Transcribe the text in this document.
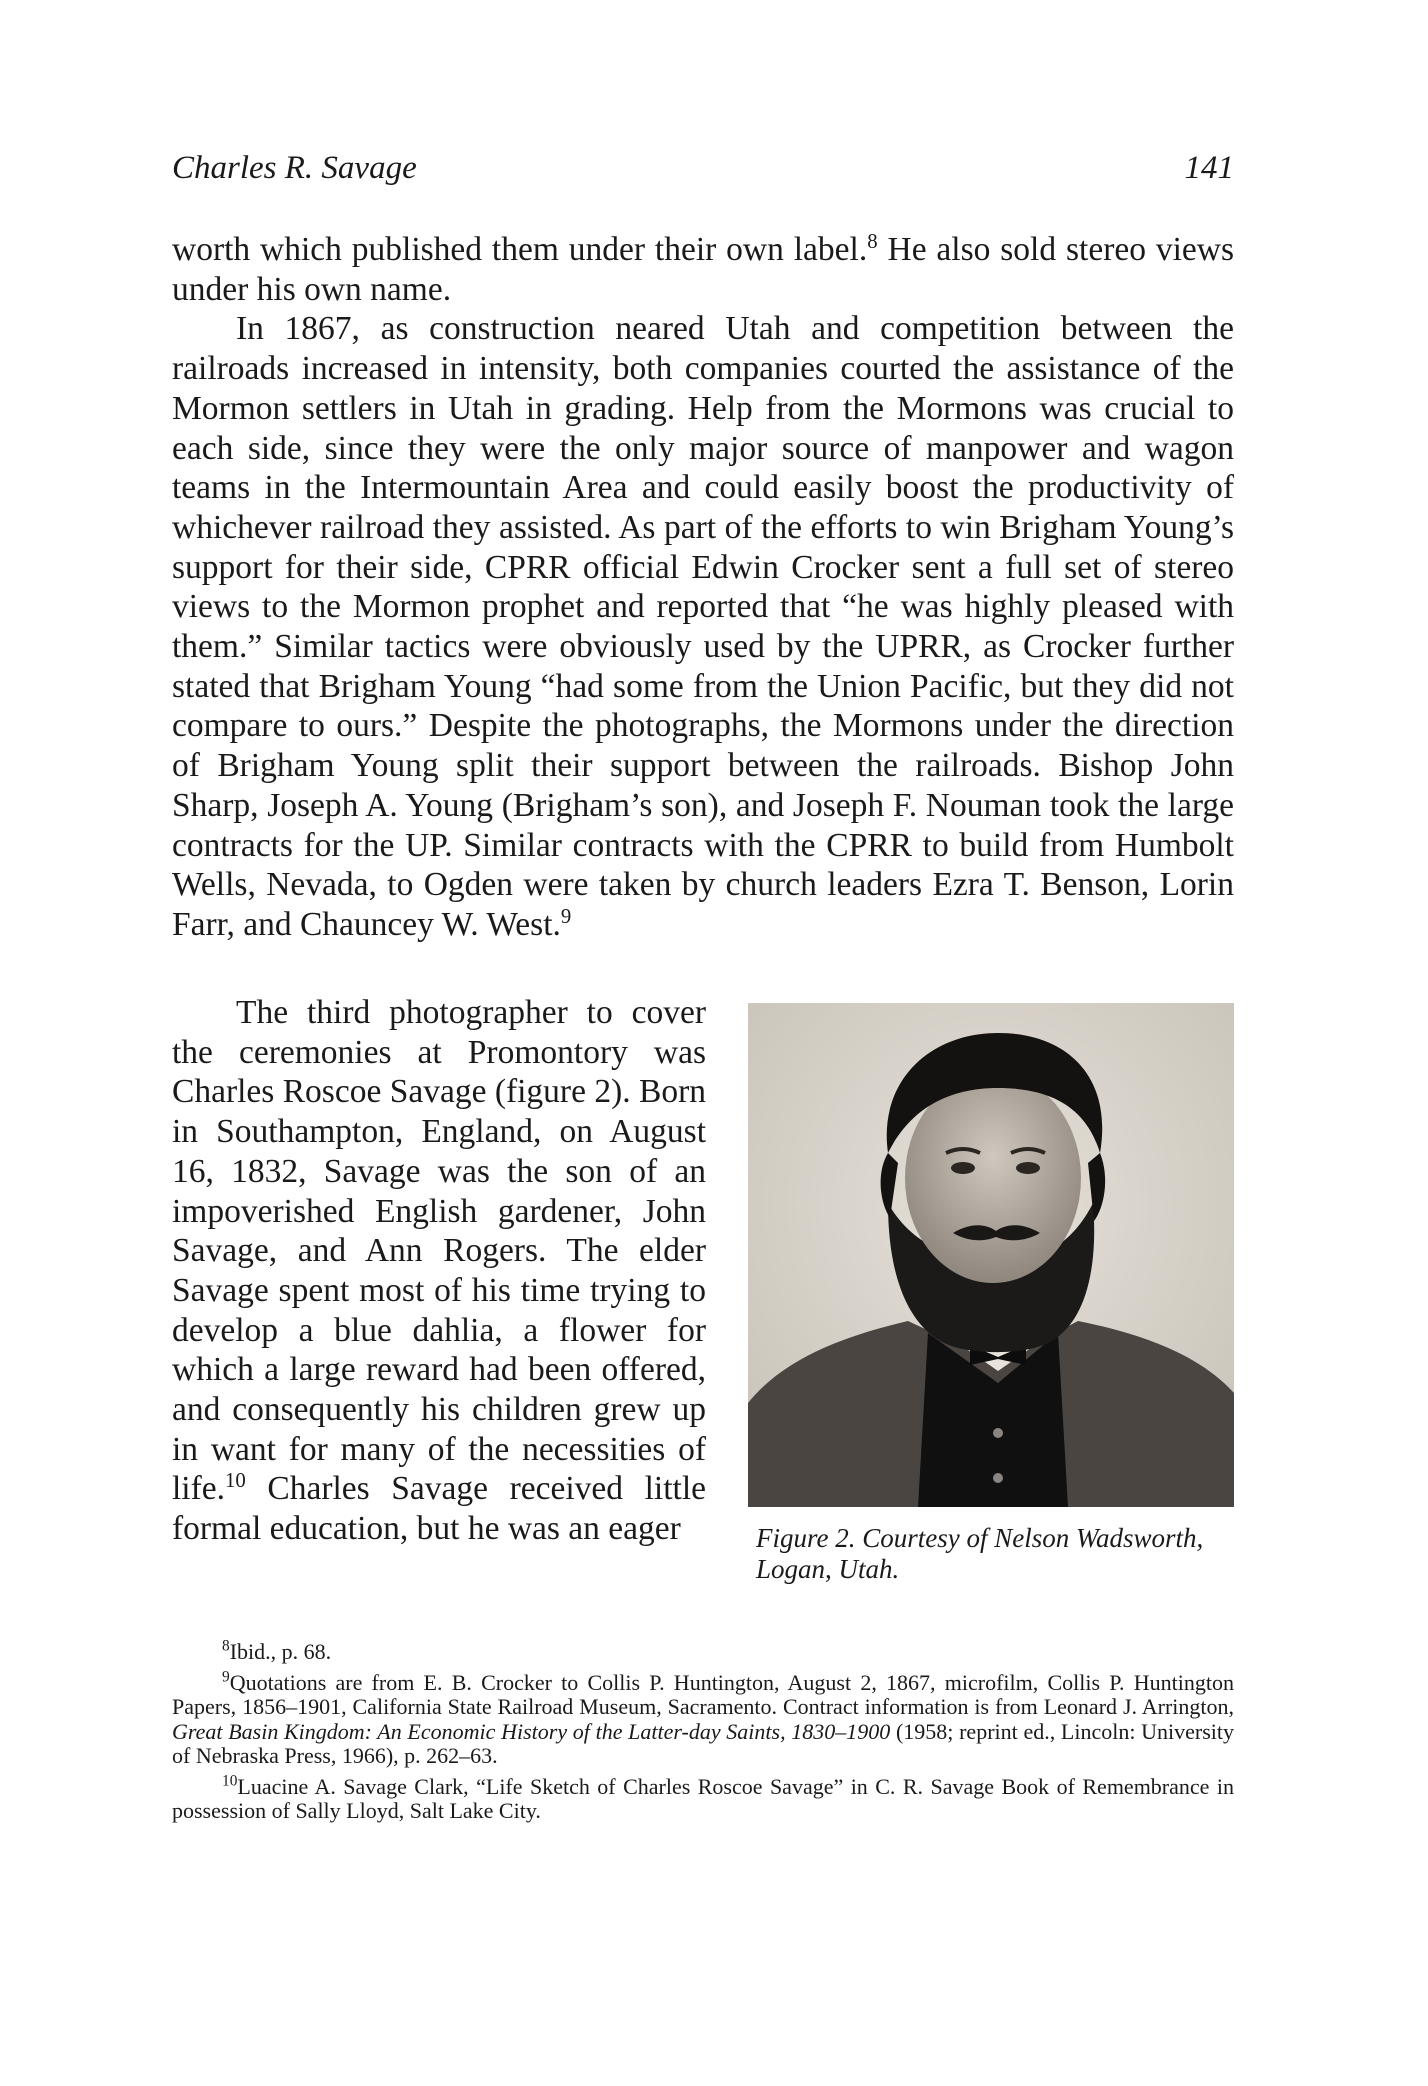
Charles R. Savage	141

worth which published them under their own label.$^8$ He also sold stereo views under his own name.

In 1867, as construction neared Utah and competition between the railroads increased in intensity, both companies courted the assistance of the Mormon settlers in Utah in grading. Help from the Mormons was crucial to each side, since they were the only major source of manpower and wagon teams in the Intermountain Area and could easily boost the productivity of whichever railroad they assisted. As part of the efforts to win Brigham Young’s support for their side, CPRR official Edwin Crocker sent a full set of stereo views to the Mormon prophet and reported that “he was highly pleased with them.” Similar tactics were obviously used by the UPRR, as Crocker further stated that Brigham Young “had some from the Union Pacific, but they did not compare to ours.” Despite the photographs, the Mormons under the direction of Brigham Young split their support between the railroads. Bishop John Sharp, Joseph A. Young (Brigham’s son), and Joseph F. Nouman took the large contracts for the UP. Similar contracts with the CPRR to build from Humbolt Wells, Nevada, to Ogden were taken by church leaders Ezra T. Benson, Lorin Farr, and Chauncey W. West.$^9$

The third photographer to cover the ceremonies at Promontory was Charles Roscoe Savage (figure 2). Born in Southampton, England, on August 16, 1832, Savage was the son of an impoverished English gardener, John Savage, and Ann Rogers. The elder Savage spent most of his time trying to develop a blue dahlia, a flower for which a large reward had been offered, and consequently his children grew up in want for many of the necessities of life.$^{10}$ Charles Savage received little formal education, but he was an eager	Figure 2. Courtesy of Nelson Wadsworth, Logan, Utah.

$^8$Ibid., p. 68.

$^9$Quotations are from E. B. Crocker to Collis P. Huntington, August 2, 1867, microfilm, Collis P. Huntington Papers, 1856–1901, California State Railroad Museum, Sacramento. Contract information is from Leonard J. Arrington, Great Basin Kingdom: An Economic History of the Latter-day Saints, 1830–1900 (1958; reprint ed., Lincoln: University of Nebraska Press, 1966), p. 262–63.

$^{10}$Luacine A. Savage Clark, “Life Sketch of Charles Roscoe Savage” in C. R. Savage Book of Remembrance in possession of Sally Lloyd, Salt Lake City.
